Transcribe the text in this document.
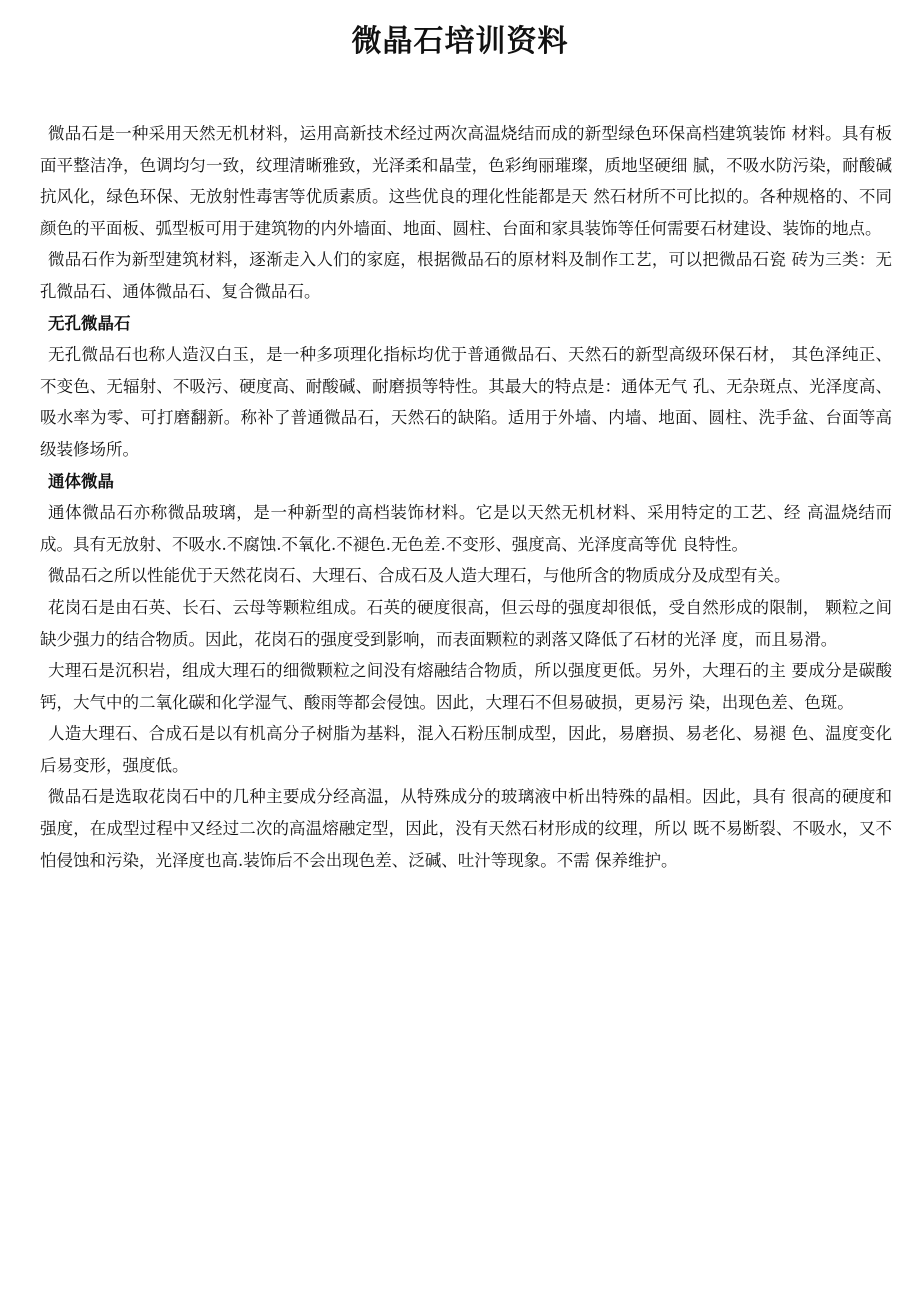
微晶石培训资料

微品石是一种采用天然无机材料，运用高新技术经过两次高温烧结而成的新型绿色环保高档建筑装饰 材料。具有板面平整洁净，色调均匀一致，纹理清晰雅致，光泽柔和晶莹，色彩绚丽璀璨，质地坚硬细 腻，不吸水防污染，耐酸碱抗风化，绿色环保、无放射性毒害等优质素质。这些优良的理化性能都是天 然石材所不可比拟的。各种规格的、不同颜色的平面板、弧型板可用于建筑物的内外墙面、地面、圆柱、台面和家具装饰等任何需要石材建设、装饰的地点。

微品石作为新型建筑材料，逐渐走入人们的家庭，根据微品石的原材料及制作工艺，可以把微品石瓷 砖为三类：无孔微品石、通体微品石、复合微品石。

无孔微晶石

无孔微品石也称人造汉白玉，是一种多项理化指标均优于普通微品石、天然石的新型高级环保石材， 其色泽纯正、不变色、无辐射、不吸污、硬度高、耐酸碱、耐磨损等特性。其最大的特点是：通体无气 孔、无杂斑点、光泽度高、吸水率为零、可打磨翻新。称补了普通微品石，天然石的缺陷。适用于外墙、内墙、地面、圆柱、洗手盆、台面等高级装修场所。

通体微晶

通体微品石亦称微品玻璃，是一种新型的高档装饰材料。它是以天然无机材料、采用特定的工艺、经 高温烧结而成。具有无放射、不吸水.不腐蚀.不氧化.不褪色.无色差.不变形、强度高、光泽度高等优 良特性。

微品石之所以性能优于天然花岗石、大理石、合成石及人造大理石，与他所含的物质成分及成型有关。

花岗石是由石英、长石、云母等颗粒组成。石英的硬度很高，但云母的强度却很低，受自然形成的限制， 颗粒之间缺少强力的结合物质。因此，花岗石的强度受到影响，而表面颗粒的剥落又降低了石材的光泽 度，而且易滑。

大理石是沉积岩，组成大理石的细微颗粒之间没有熔融结合物质，所以强度更低。另外，大理石的主 要成分是碳酸钙，大气中的二氧化碳和化学湿气、酸雨等都会侵蚀。因此，大理石不但易破损，更易污 染，出现色差、色斑。

人造大理石、合成石是以有机高分子树脂为基料，混入石粉压制成型，因此，易磨损、易老化、易褪 色、温度变化后易变形，强度低。

微品石是选取花岗石中的几种主要成分经高温，从特殊成分的玻璃液中析出特殊的晶相。因此，具有 很高的硬度和强度，在成型过程中又经过二次的高温熔融定型，因此，没有天然石材形成的纹理，所以 既不易断裂、不吸水，又不怕侵蚀和污染，光泽度也高.装饰后不会出现色差、泛碱、吐汁等现象。不需 保养维护。
